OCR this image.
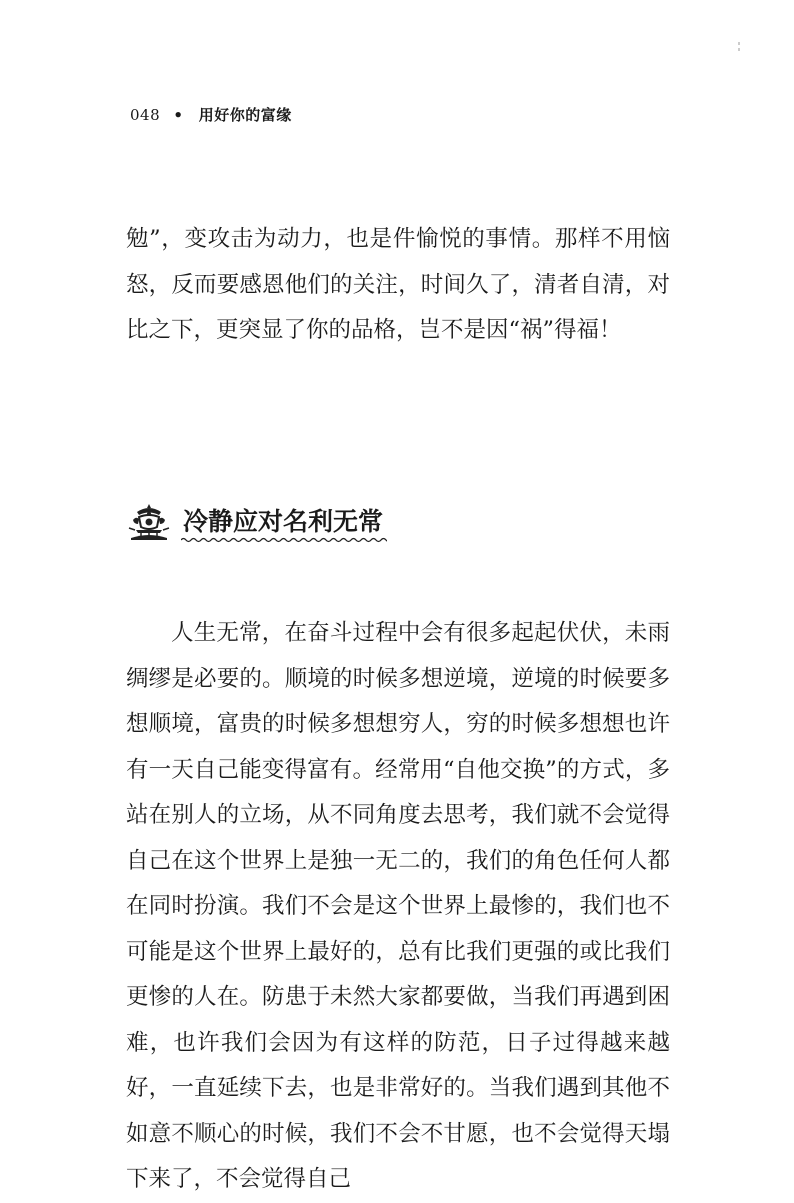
048 • 用好你的富缘

勉”，变攻击为动力，也是件愉悦的事情。那样不用恼怒，反而要感恩他们的关注，时间久了，清者自清，对比之下，更突显了你的品格，岂不是因“祸”得福！

冷静应对名利无常

人生无常，在奋斗过程中会有很多起起伏伏，未雨绸缪是必要的。顺境的时候多想逆境，逆境的时候要多想顺境，富贵的时候多想想穷人，穷的时候多想想也许有一天自己能变得富有。经常用“自他交换”的方式，多站在别人的立场，从不同角度去思考，我们就不会觉得自己在这个世界上是独一无二的，我们的角色任何人都在同时扮演。我们不会是这个世界上最惨的，我们也不可能是这个世界上最好的，总有比我们更强的或比我们更惨的人在。防患于未然大家都要做，当我们再遇到困难，也许我们会因为有这样的防范，日子过得越来越好，一直延续下去，也是非常好的。当我们遇到其他不如意不顺心的时候，我们不会不甘愿，也不会觉得天塌下来了，不会觉得自己
